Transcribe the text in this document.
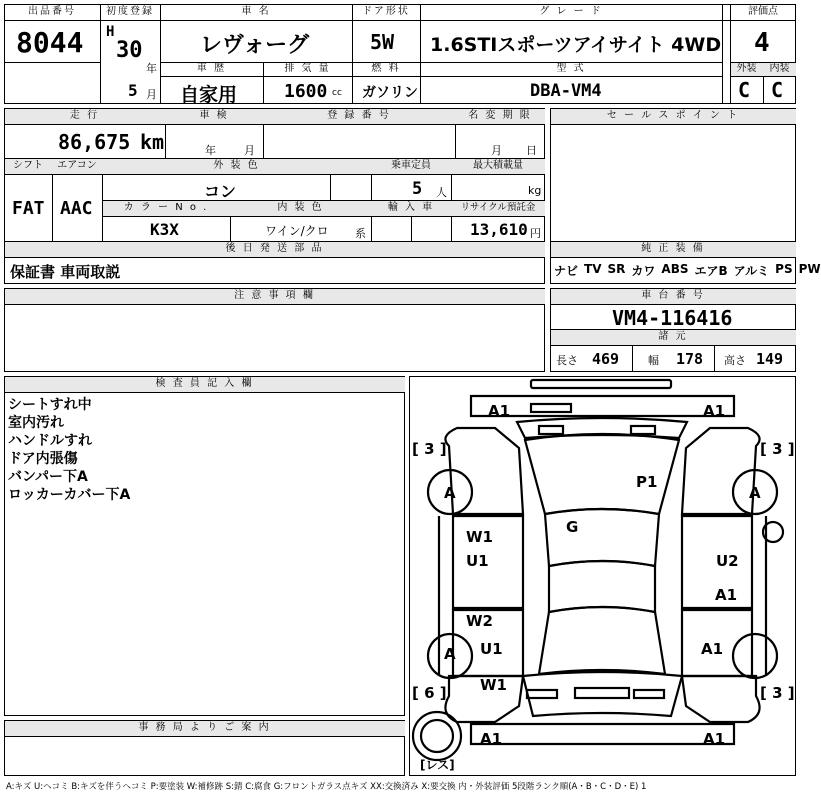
出品番号
8044
初度登録
H
30
年
5 月
車 名
レヴォーグ
ドア形状
5W
グ レ ー ド
1.6STIスポーツアイサイト 4WD
評価点
4
車 歴
自家用
排 気 量
1600 cc
燃 料
ガソリン
型 式
DBA-VM4
外装	内装
C C
走 行
86,675 km
車 検
年	月
登 録 番 号	名 変 期 限
月 日
シフト
FAT
エアコン
AAC
外 装 色
コン
乗車定員
5 人
最大積載量
kg
カ ラ ー N o .
K3X
内 装 色
ワイン/クロ 系
輸 入 車	リサイクル預託金
13,610 円
後 日 発 送 部 品
保証書 車両取説
セ ー ル ス ポ イ ン ト
純 正 装 備
ナビ TV SR カワ ABS エアB アルミ PS PW
注 意 事 項 欄	車 台 番 号
VM4-116416
諸 元
長さ 469	幅 178 高さ 149
検 査 員 記 入 欄
シートすれ中
室内汚れ
ハンドルすれ
ドア内張傷
バンパー下A
ロッカーカバー下A
事 務 局 よ り ご 案 内
A1	A1
[ 3 ]	[ 3 ]
A	A
P1
G
W1
U1	U2
A1
W2
U1	A1
A
W1
[ 6 ]	[ 3 ]
A1	A1
[レス]
A:キズ U:ヘコミ B:キズを伴うヘコミ P:要塗装 W:補修跡 S:錆 C:腐食 G:フロントガラス点キズ XX:交換済み X:要交換 内・外装評価 5段階ランク順(A・B・C・D・E) 1
